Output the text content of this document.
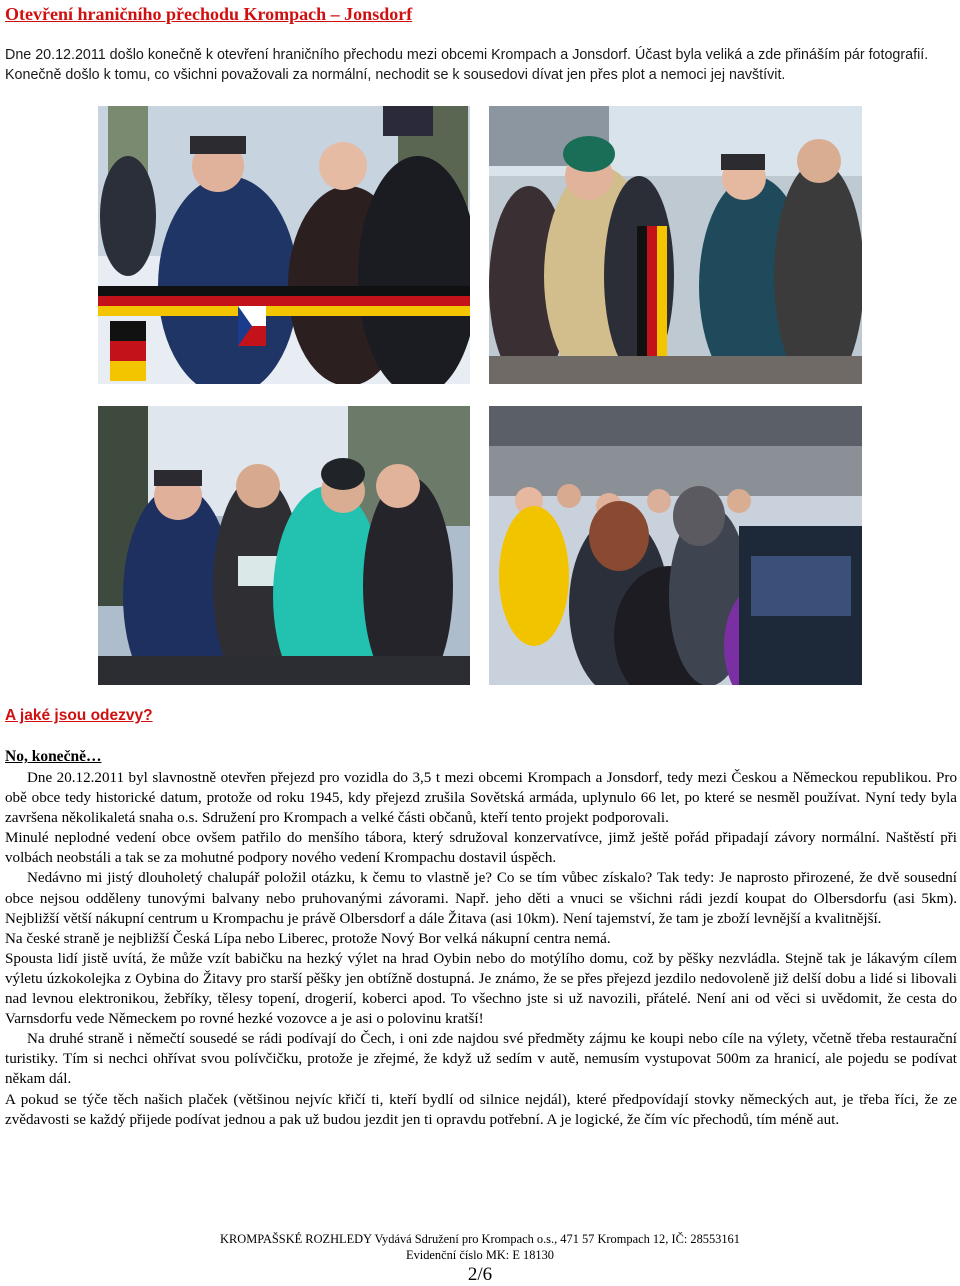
Otevření hraničního přechodu Krompach – Jonsdorf

Dne 20.12.2011 došlo konečně k otevření hraničního přechodu mezi obcemi Krompach a Jonsdorf. Účast byla veliká a zde přináším pár fotografií. Konečně došlo k tomu, co všichni považovali za normální, nechodit se k sousedovi dívat jen přes plot a nemoci jej navštívit.

A jaké jsou odezvy?
No, konečně…

Dne 20.12.2011 byl slavnostně otevřen přejezd pro vozidla do 3,5 t mezi obcemi Krompach a Jonsdorf, tedy mezi Českou a Německou republikou. Pro obě obce tedy historické datum, protože od roku 1945, kdy přejezd zrušila Sovětská armáda, uplynulo 66 let, po které se nesměl používat. Nyní tedy byla završena několikaletá snaha o.s. Sdružení pro Krompach a velké části občanů, kteří tento projekt podporovali.

Minulé neplodné vedení obce ovšem patřilo do menšího tábora, který sdružoval konzervatívce, jimž ještě pořád připadají závory normální. Naštěstí při volbách neobstáli a tak se za mohutné podpory nového vedení Krompachu dostavil úspěch.

Nedávno mi jistý dlouholetý chalupář položil otázku, k čemu to vlastně je? Co se tím vůbec získalo? Tak tedy: Je naprosto přirozené, že dvě sousední obce nejsou odděleny tunovými balvany nebo pruhovanými závorami. Např. jeho děti a vnuci se všichni rádi jezdí koupat do Olbersdorfu (asi 5km). Nejbližší větší nákupní centrum u Krompachu je právě Olbersdorf a dále Žitava (asi 10km). Není tajemství, že tam je zboží levnější a kvalitnější.

Na české straně je nejbližší Česká Lípa nebo Liberec, protože Nový Bor velká nákupní centra nemá.

Spousta lidí jistě uvítá, že může vzít babičku na hezký výlet na hrad Oybin nebo do motýlího domu, což by pěšky nezvládla. Stejně tak je lákavým cílem výletu úzkokolejka z Oybina do Žitavy pro starší pěšky jen obtížně dostupná. Je známo, že se přes přejezd jezdilo nedovoleně již delší dobu a lidé si libovali nad levnou elektronikou, žebříky, tělesy topení, drogerií, koberci apod. To všechno jste si už navozili, přátelé. Není ani od věci si uvědomit, že cesta do Varnsdorfu vede Německem po rovné hezké vozovce a je asi o polovinu kratší!

Na druhé straně i němečtí sousedé se rádi podívají do Čech, i oni zde najdou své předměty zájmu ke koupi nebo cíle na výlety, včetně třeba restaurační turistiky. Tím si nechci ohřívat svou polívčičku, protože je zřejmé, že když už sedím v autě, nemusím vystupovat 500m za hranicí, ale pojedu se podívat někam dál.

A pokud se týče těch našich plaček (většinou nejvíc křičí ti, kteří bydlí od silnice nejdál), které předpovídají stovky německých aut, je třeba říci, že ze zvědavosti se každý přijede podívat jednou a pak už budou jezdit jen ti opravdu potřební. A je logické, že čím víc přechodů, tím méně aut.

KROMPAŠSKÉ ROZHLEDY Vydává Sdružení pro Krompach o.s., 471 57 Krompach 12, IČ: 28553161
Evidenční číslo MK: E 18130
2/6
